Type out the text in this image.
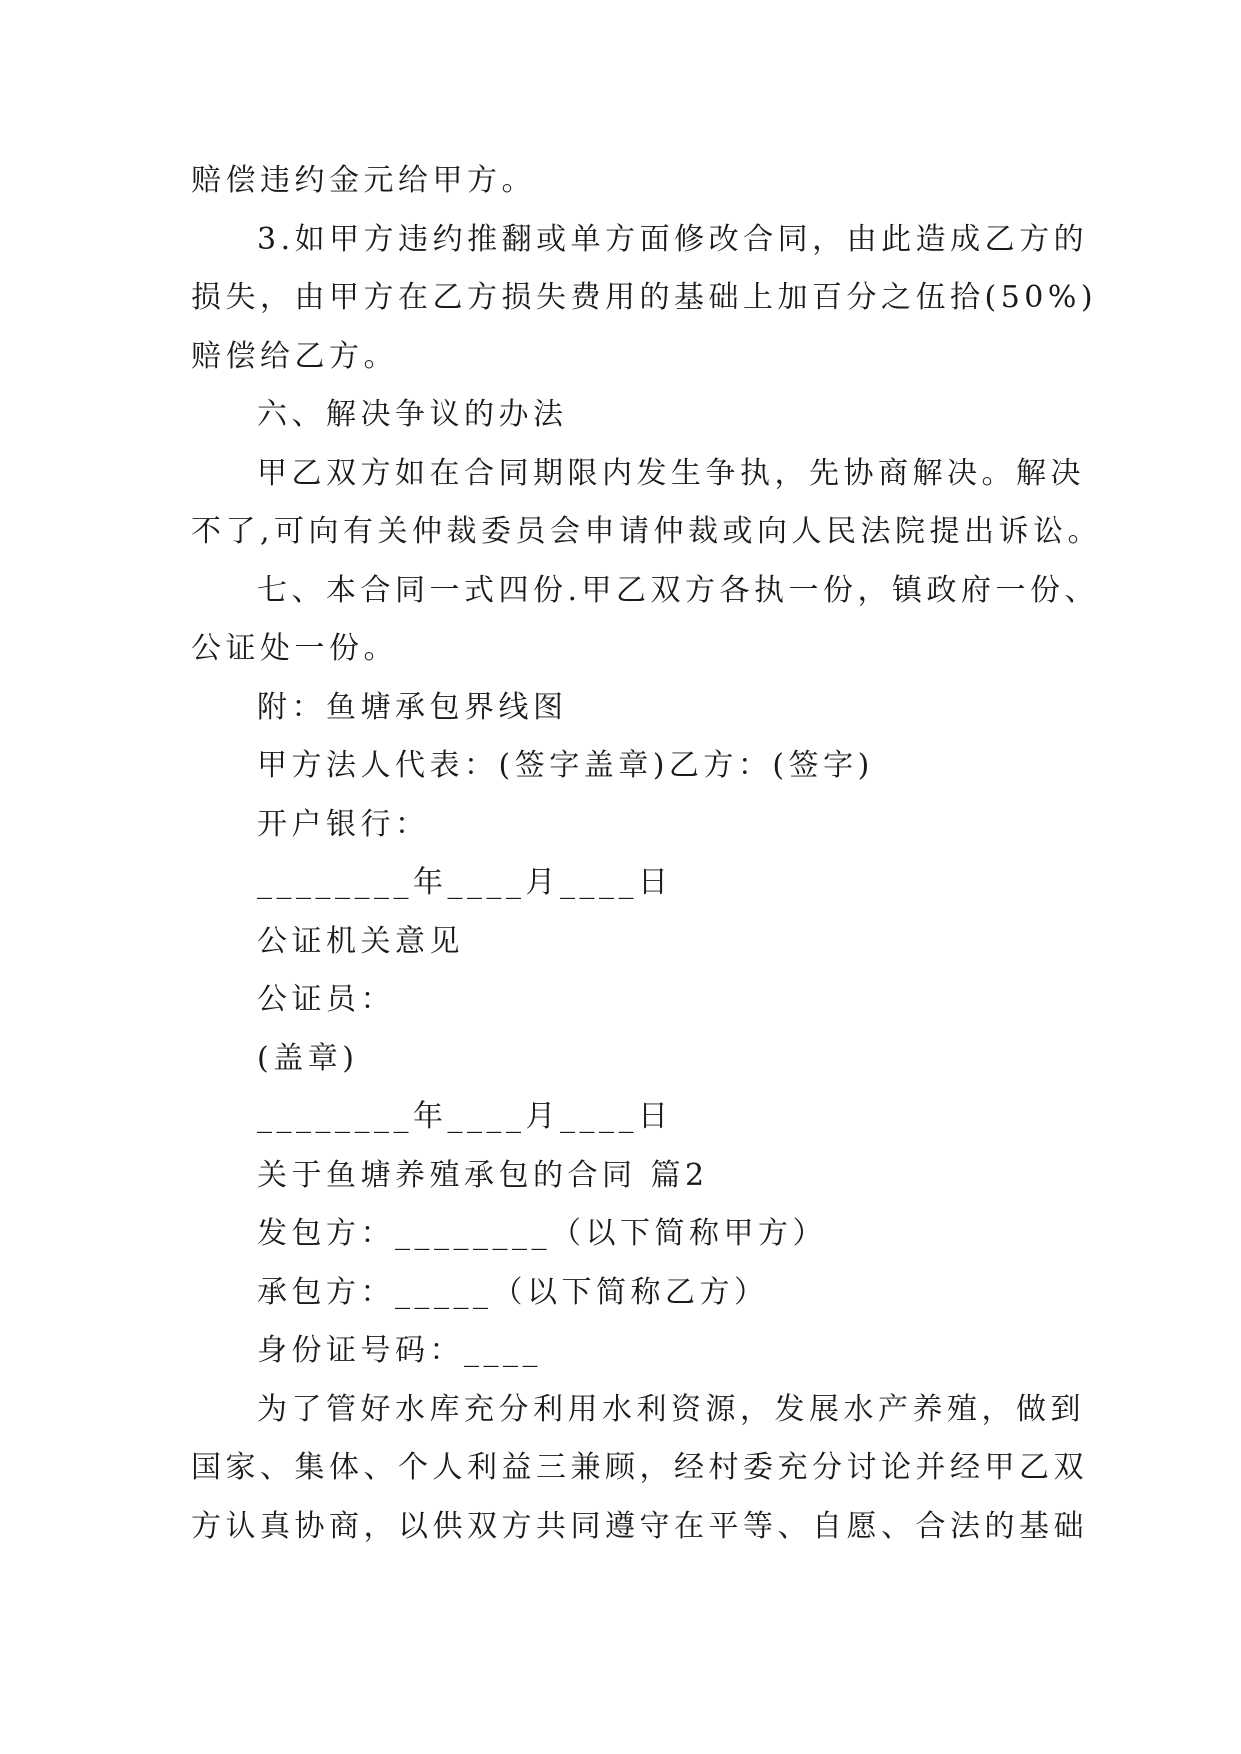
赔偿违约金元给甲方。

3.如甲方违约推翻或单方面修改合同，由此造成乙方的

损失，由甲方在乙方损失费用的基础上加百分之伍拾(50%)

赔偿给乙方。

六、解决争议的办法

甲乙双方如在合同期限内发生争执，先协商解决。解决

不了,可向有关仲裁委员会申请仲裁或向人民法院提出诉讼。

七、本合同一式四份.甲乙双方各执一份，镇政府一份、

公证处一份。

附：鱼塘承包界线图

甲方法人代表：(签字盖章)乙方：(签字)

开户银行：

________年____月____日

公证机关意见

公证员：

(盖章)

________年____月____日

关于鱼塘养殖承包的合同 篇2

发包方：________（以下简称甲方）

承包方：_____（以下简称乙方）

身份证号码：____

为了管好水库充分利用水利资源，发展水产养殖，做到

国家、集体、个人利益三兼顾，经村委充分讨论并经甲乙双

方认真协商，以供双方共同遵守在平等、自愿、合法的基础
